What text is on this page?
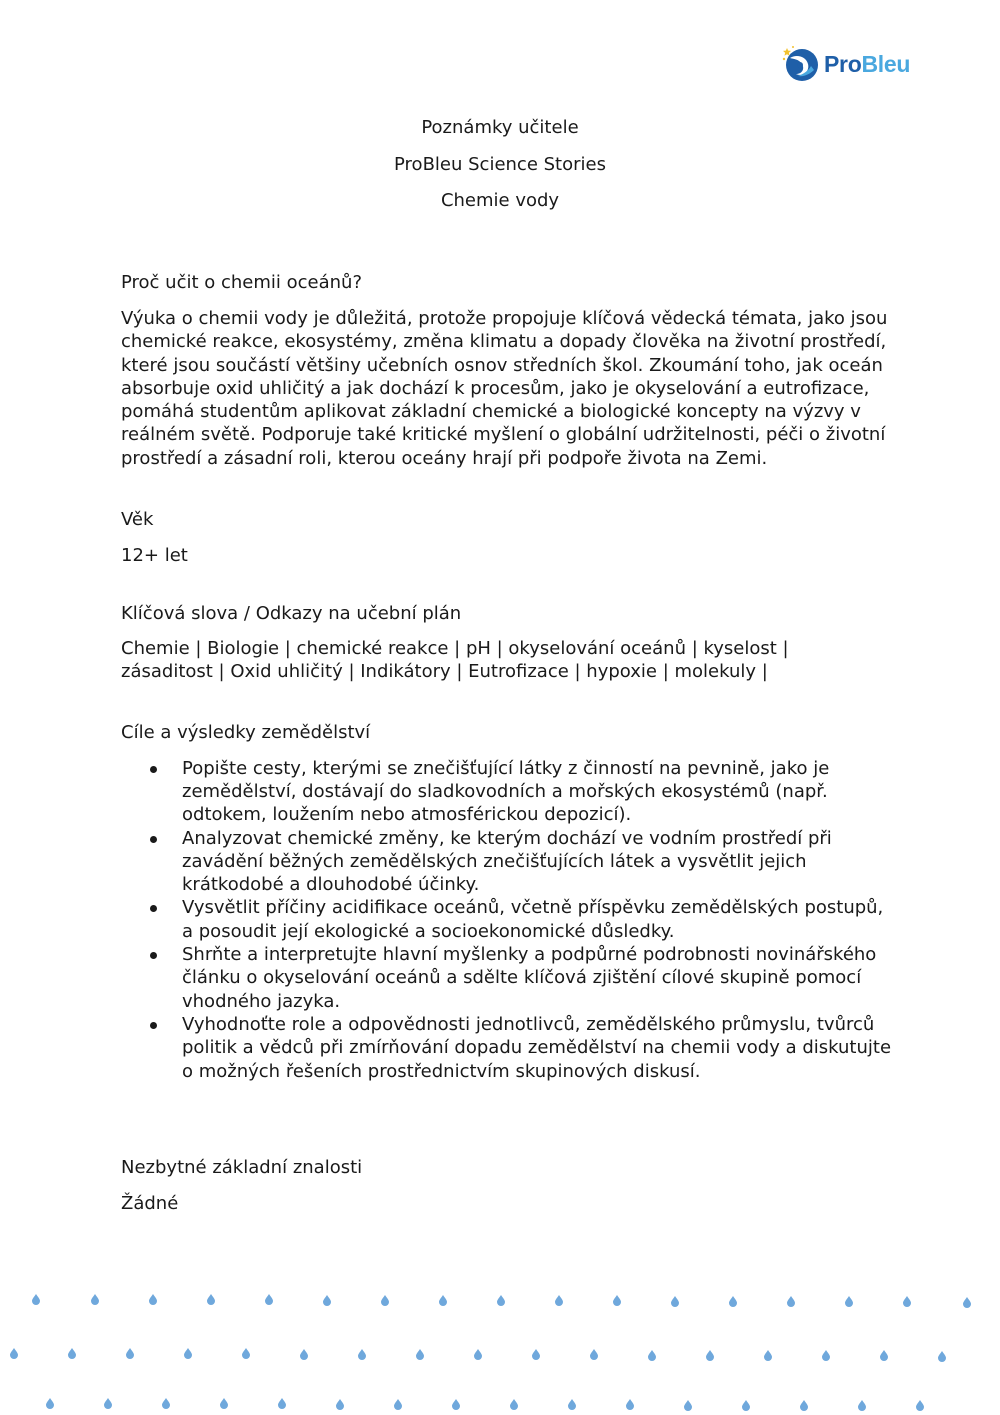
ProBleu
Poznámky učitele
ProBleu Science Stories
Chemie vody

Proč učit o chemii oceánů?

Výuka o chemii vody je důležitá, protože propojuje klíčová vědecká témata, jako jsou chemické reakce, ekosystémy, změna klimatu a dopady člověka na životní prostředí, které jsou součástí většiny učebních osnov středních škol. Zkoumání toho, jak oceán absorbuje oxid uhličitý a jak dochází k procesům, jako je okyselování a eutrofizace, pomáhá studentům aplikovat základní chemické a biologické koncepty na výzvy v reálném světě. Podporuje také kritické myšlení o globální udržitelnosti, péči o životní prostředí a zásadní roli, kterou oceány hrají při podpoře života na Zemi.

Věk

12+ let

Klíčová slova / Odkazy na učební plán

Chemie | Biologie | chemické reakce | pH | okyselování oceánů | kyselost |

zásaditost | Oxid uhličitý | Indikátory | Eutrofizace | hypoxie | molekuly |

Cíle a výsledky zemědělství

Popište cesty, kterými se znečišťující látky z činností na pevnině, jako je zemědělství, dostávají do sladkovodních a mořských ekosystémů (např. odtokem, loužením nebo atmosférickou depozicí).
Analyzovat chemické změny, ke kterým dochází ve vodním prostředí při zavádění běžných zemědělských znečišťujících látek a vysvětlit jejich krátkodobé a dlouhodobé účinky.
Vysvětlit příčiny acidifikace oceánů, včetně příspěvku zemědělských postupů, a posoudit její ekologické a socioekonomické důsledky.
Shrňte a interpretujte hlavní myšlenky a podpůrné podrobnosti novinářského článku o okyselování oceánů a sdělte klíčová zjištění cílové skupině pomocí vhodného jazyka.
Vyhodnoťte role a odpovědnosti jednotlivců, zemědělského průmyslu, tvůrců politik a vědců při zmírňování dopadu zemědělství na chemii vody a diskutujte o možných řešeních prostřednictvím skupinových diskusí.

Nezbytné základní znalosti

Žádné
